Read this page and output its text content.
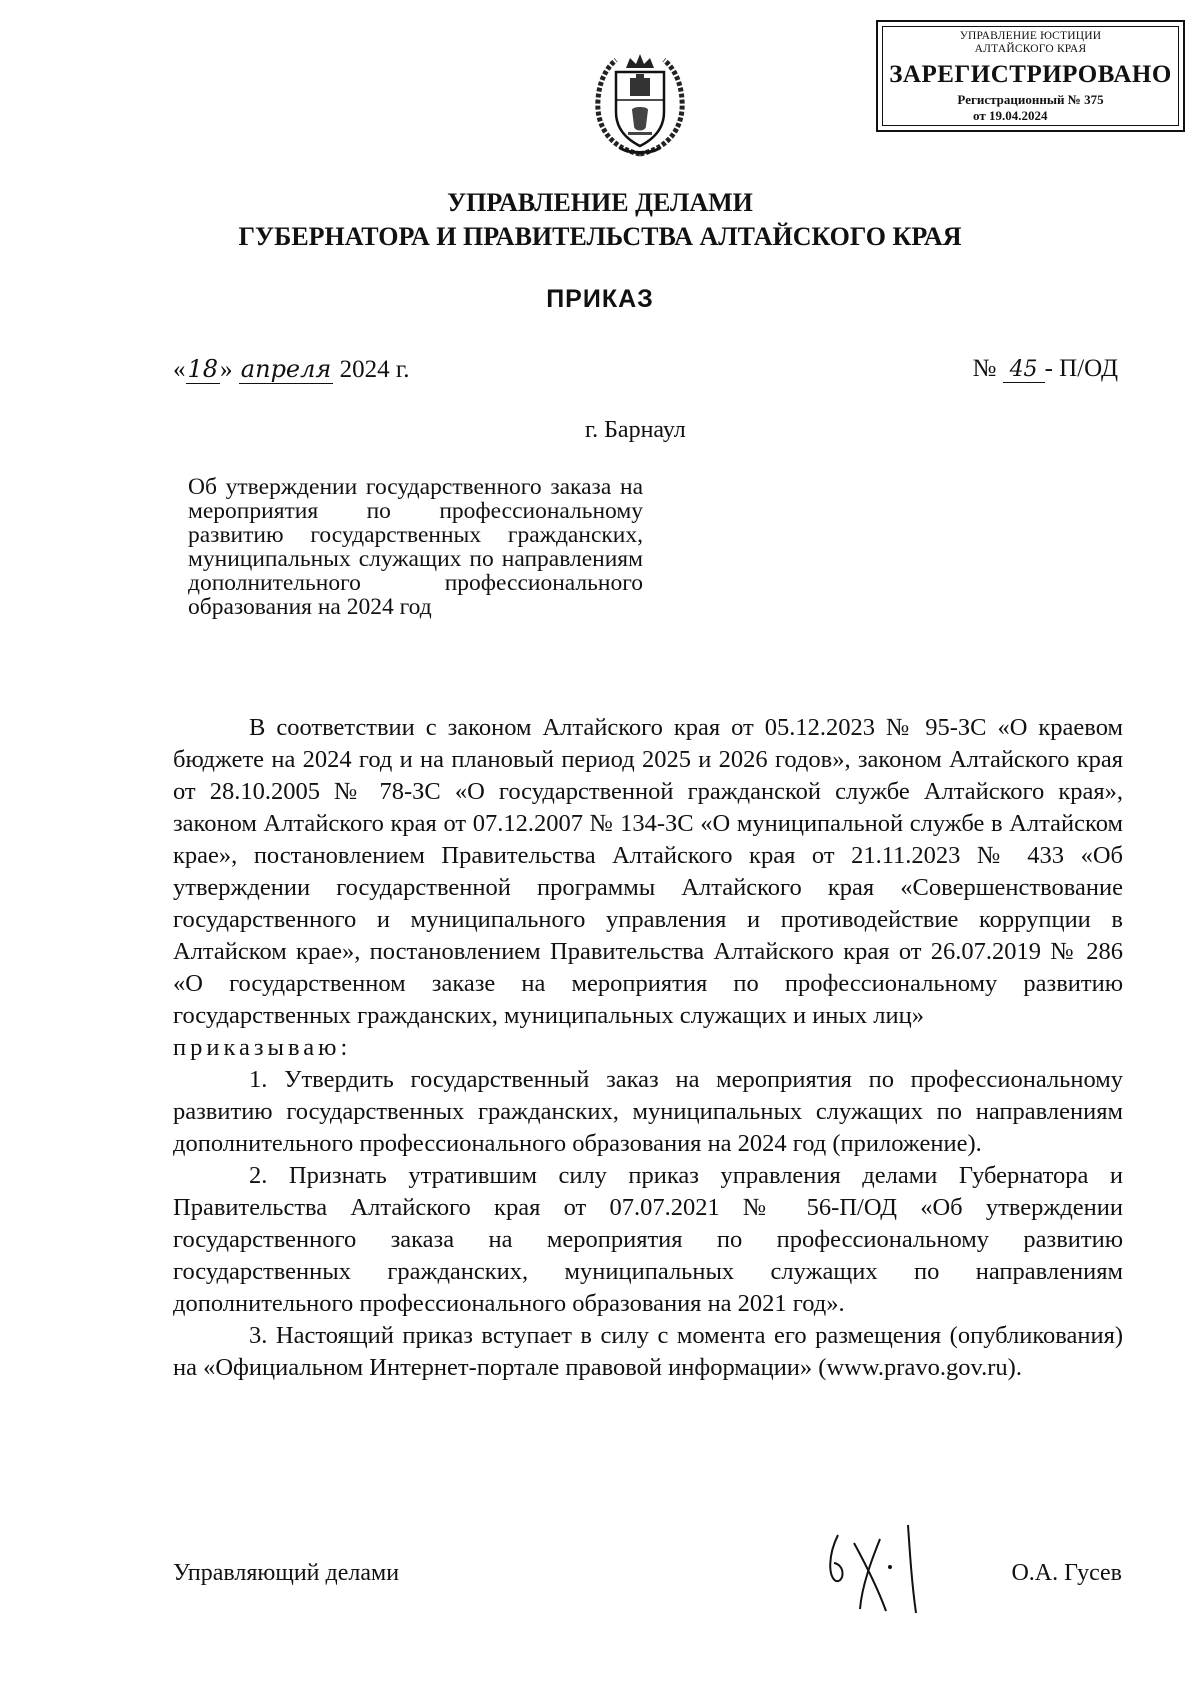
УПРАВЛЕНИЕ ЮСТИЦИИ
АЛТАЙСКОГО КРАЯ
ЗАРЕГИСТРИРОВАНО
Регистрационный № 375
от 19.04.2024
УПРАВЛЕНИЕ ДЕЛАМИ
ГУБЕРНАТОРА И ПРАВИТЕЛЬСТВА АЛТАЙСКОГО КРАЯ
ПРИКАЗ
«18» апреля 2024 г.	№ 45 - П/ОД
г. Барнаул
Об утверждении государственного заказа на мероприятия по профессиональному развитию государственных гражданских, муниципальных служащих по направлениям дополнительного профессионального образования на 2024 год

В соответствии с законом Алтайского края от 05.12.2023 № 95-ЗС «О краевом бюджете на 2024 год и на плановый период 2025 и 2026 годов», законом Алтайского края от 28.10.2005 № 78-ЗС «О государственной гражданской службе Алтайского края», законом Алтайского края от 07.12.2007 № 134-ЗС «О муниципальной службе в Алтайском крае», постановлением Правительства Алтайского края от 21.11.2023 № 433 «Об утверждении государственной программы Алтайского края «Совершенствование государственного и муниципального управления и противодействие коррупции в Алтайском крае», постановлением Правительства Алтайского края от 26.07.2019 № 286 «О государственном заказе на мероприятия по профессиональному развитию государственных гражданских, муниципальных служащих и иных лиц»

приказываю:

1. Утвердить государственный заказ на мероприятия по профессиональному развитию государственных гражданских, муниципальных служащих по направлениям дополнительного профессионального образования на 2024 год (приложение).

2. Признать утратившим силу приказ управления делами Губернатора и Правительства Алтайского края от 07.07.2021 № 56-П/ОД «Об утверждении государственного заказа на мероприятия по профессиональному развитию государственных гражданских, муниципальных служащих по направлениям дополнительного профессионального образования на 2021 год».

3. Настоящий приказ вступает в силу с момента его размещения (опубликования) на «Официальном Интернет-портале правовой информации» (www.pravo.gov.ru).

Управляющий делами	О.А. Гусев
